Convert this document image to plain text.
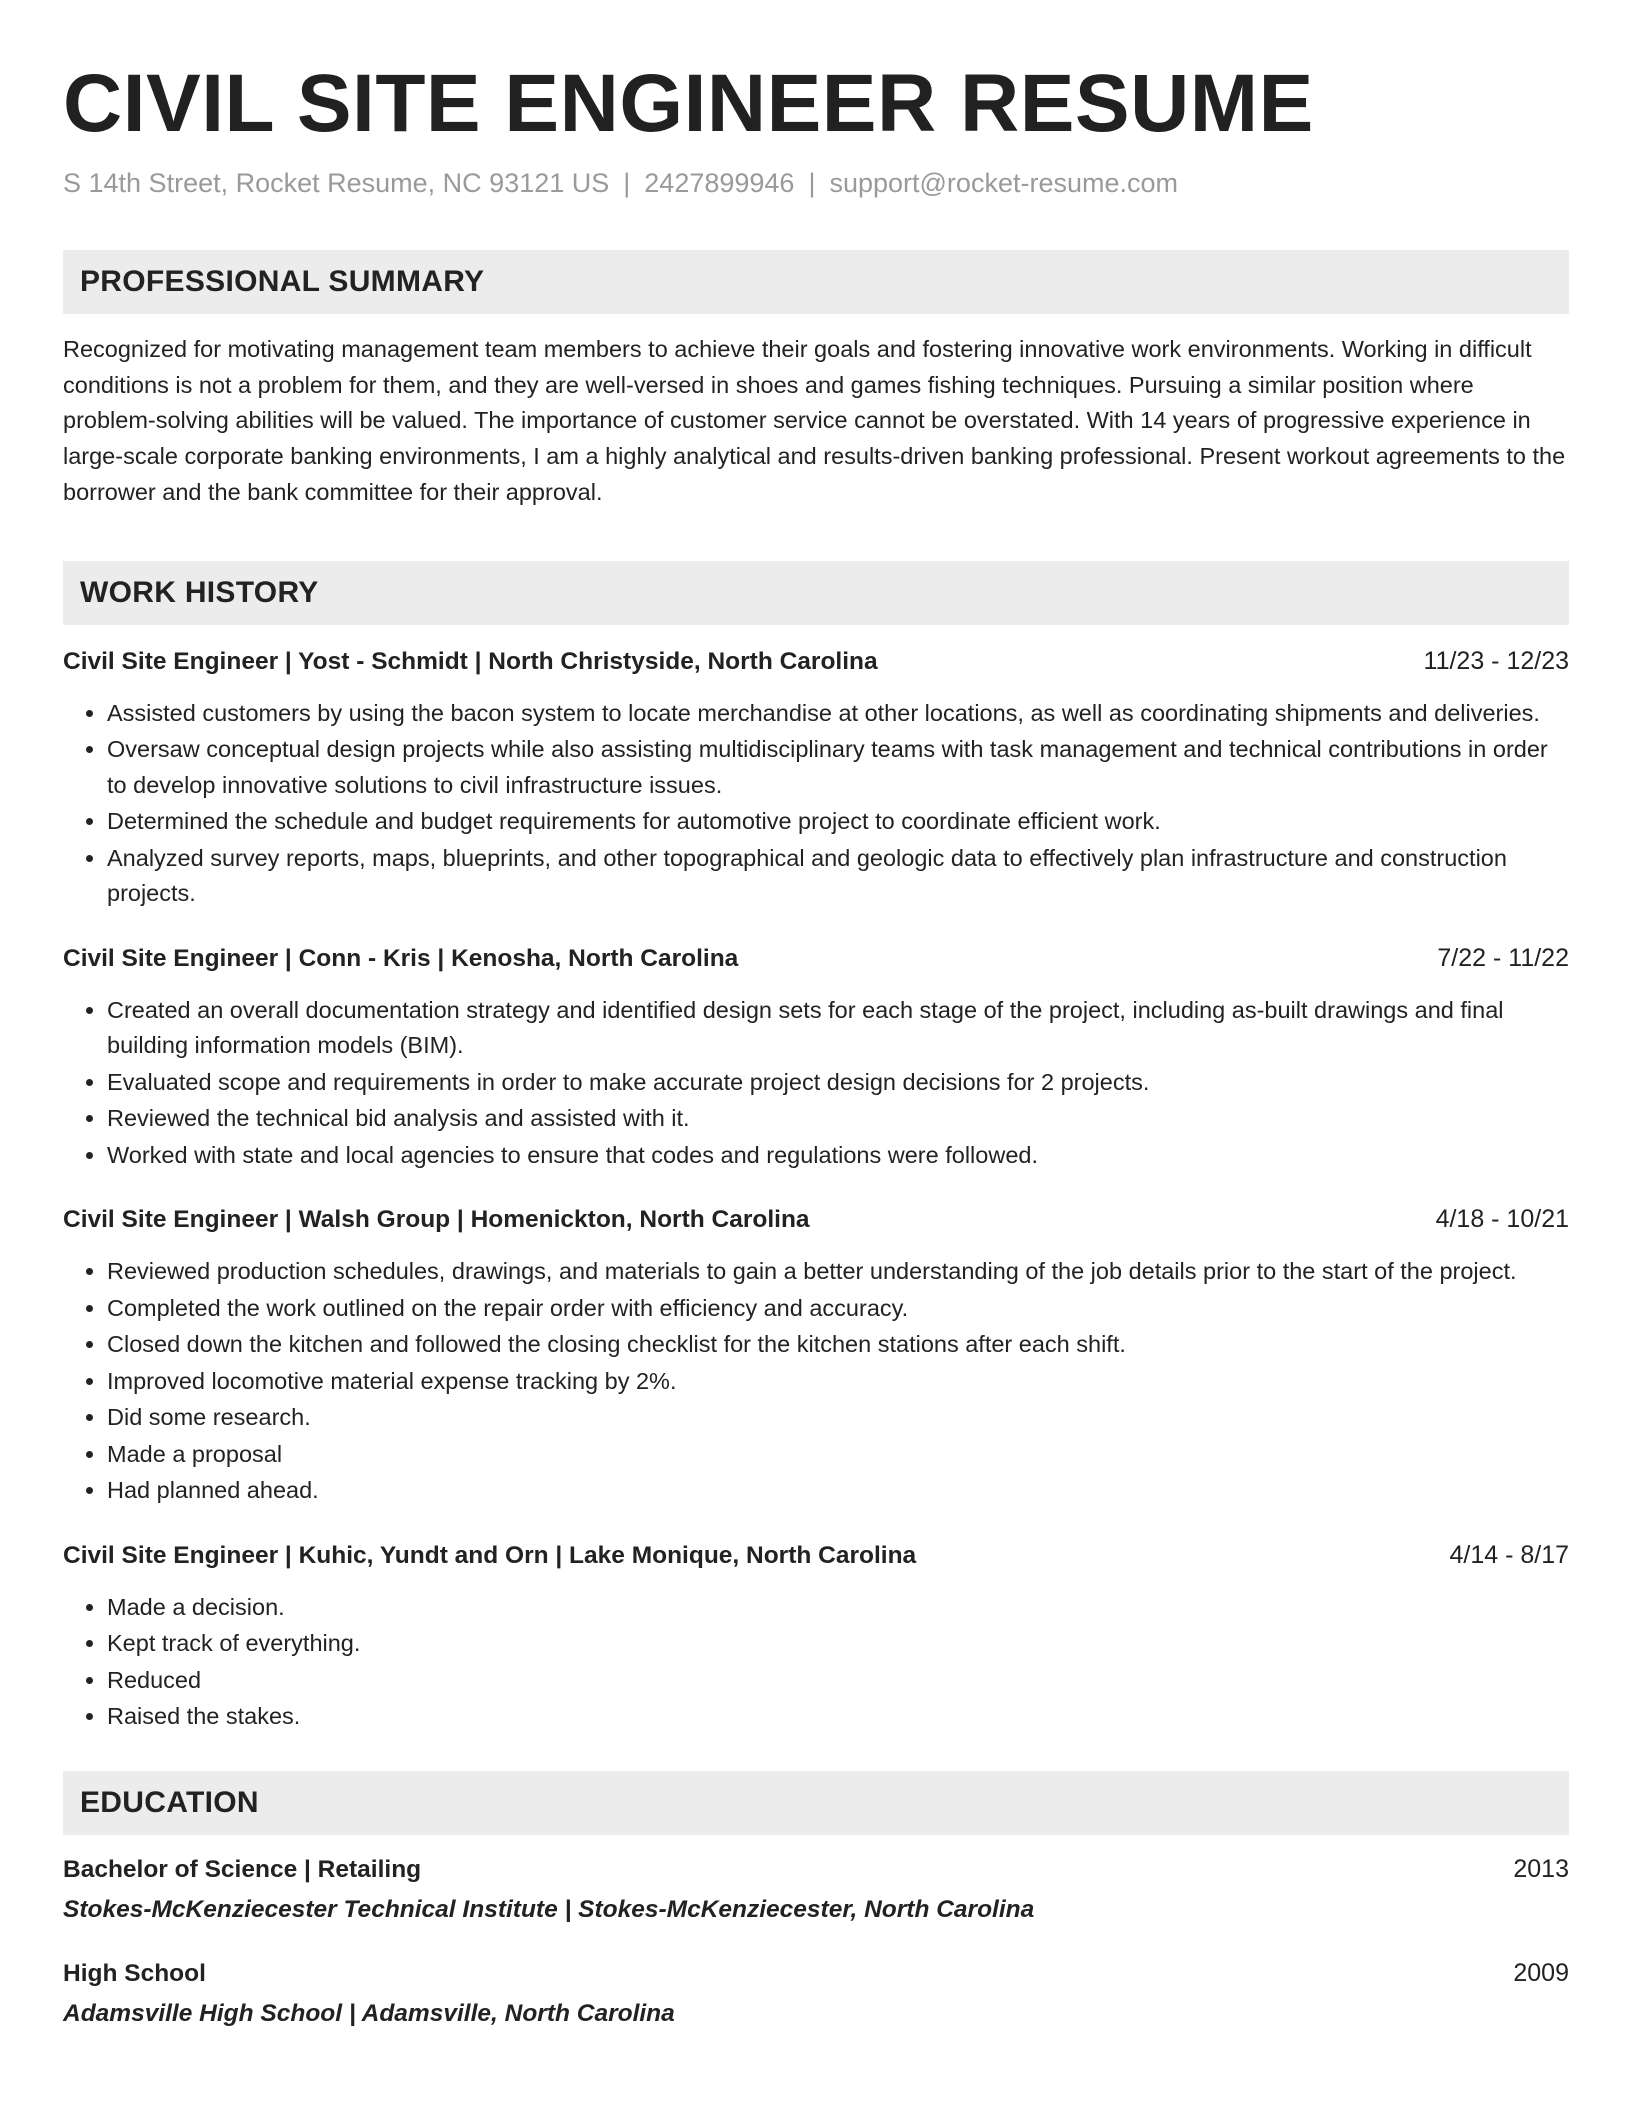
CIVIL SITE ENGINEER RESUME
S 14th Street, Rocket Resume, NC 93121 US | 2427899946 | support@rocket-resume.com
PROFESSIONAL SUMMARY
Recognized for motivating management team members to achieve their goals and fostering innovative work environments. Working in difficult conditions is not a problem for them, and they are well-versed in shoes and games fishing techniques. Pursuing a similar position where problem-solving abilities will be valued. The importance of customer service cannot be overstated. With 14 years of progressive experience in large-scale corporate banking environments, I am a highly analytical and results-driven banking professional. Present workout agreements to the borrower and the bank committee for their approval.
WORK HISTORY
Civil Site Engineer | Yost - Schmidt | North Christyside, North Carolina	11/23 - 12/23
• Assisted customers by using the bacon system to locate merchandise at other locations, as well as coordinating shipments and deliveries.
• Oversaw conceptual design projects while also assisting multidisciplinary teams with task management and technical contributions in order to develop innovative solutions to civil infrastructure issues.
• Determined the schedule and budget requirements for automotive project to coordinate efficient work.
• Analyzed survey reports, maps, blueprints, and other topographical and geologic data to effectively plan infrastructure and construction projects.
Civil Site Engineer | Conn - Kris | Kenosha, North Carolina	7/22 - 11/22
• Created an overall documentation strategy and identified design sets for each stage of the project, including as-built drawings and final building information models (BIM).
• Evaluated scope and requirements in order to make accurate project design decisions for 2 projects.
• Reviewed the technical bid analysis and assisted with it.
• Worked with state and local agencies to ensure that codes and regulations were followed.
Civil Site Engineer | Walsh Group | Homenickton, North Carolina	4/18 - 10/21
• Reviewed production schedules, drawings, and materials to gain a better understanding of the job details prior to the start of the project.
• Completed the work outlined on the repair order with efficiency and accuracy.
• Closed down the kitchen and followed the closing checklist for the kitchen stations after each shift.
• Improved locomotive material expense tracking by 2%.
• Did some research.
• Made a proposal
• Had planned ahead.
Civil Site Engineer | Kuhic, Yundt and Orn | Lake Monique, North Carolina	4/14 - 8/17
• Made a decision.
• Kept track of everything.
• Reduced
• Raised the stakes.
EDUCATION
Bachelor of Science | Retailing	2013
Stokes-McKenziecester Technical Institute | Stokes-McKenziecester, North Carolina
High School	2009
Adamsville High School | Adamsville, North Carolina
